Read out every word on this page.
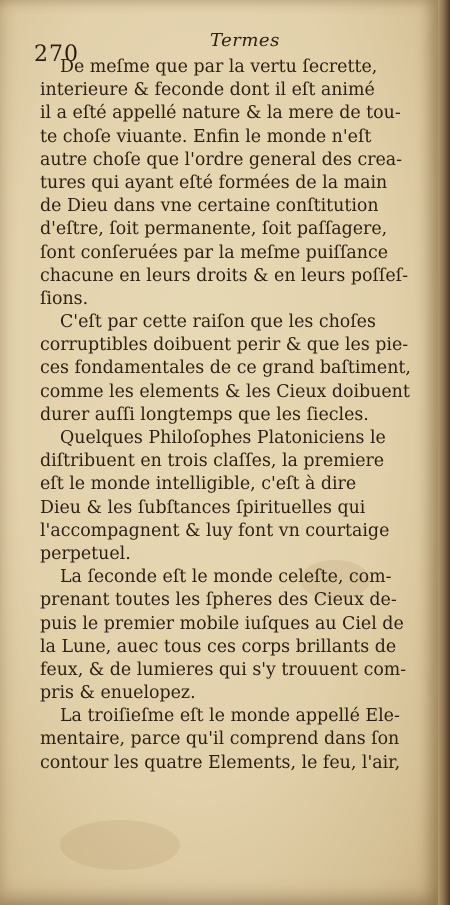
270
Termes
De meſme que par la vertu ſecrette,
interieure & feconde dont il eſt animé
il a eſté appellé nature & la mere de tou-
te choſe viuante. Enfin le monde n'eſt
autre choſe que l'ordre general des crea-
tures qui ayant eſté formées de la main
de Dieu dans vne certaine conſtitution
d'eſtre, ſoit permanente, ſoit paſſagere,
ſont conſeruées par la meſme puiſſance
chacune en leurs droits & en leurs poſſeſ-
ſions.
C'eſt par cette raiſon que les choſes
corruptibles doibuent perir & que les pie-
ces fondamentales de ce grand baſtiment,
comme les elements & les Cieux doibuent
durer auſſi longtemps que les ſiecles.
Quelques Philoſophes Platoniciens le
diſtribuent en trois claſſes, la premiere
eſt le monde intelligible, c'eſt à dire
Dieu & les ſubſtances ſpirituelles qui
l'accompagnent & luy font vn courtaige
perpetuel.
La ſeconde eſt le monde celeſte, com-
prenant toutes les ſpheres des Cieux de-
puis le premier mobile iuſques au Ciel de
la Lune, auec tous ces corps brillants de
feux, & de lumieres qui s'y trouuent com-
pris & enuelopez.
La troiſieſme eſt le monde appellé Ele-
mentaire, parce qu'il comprend dans ſon
contour les quatre Elements, le feu, l'air,
